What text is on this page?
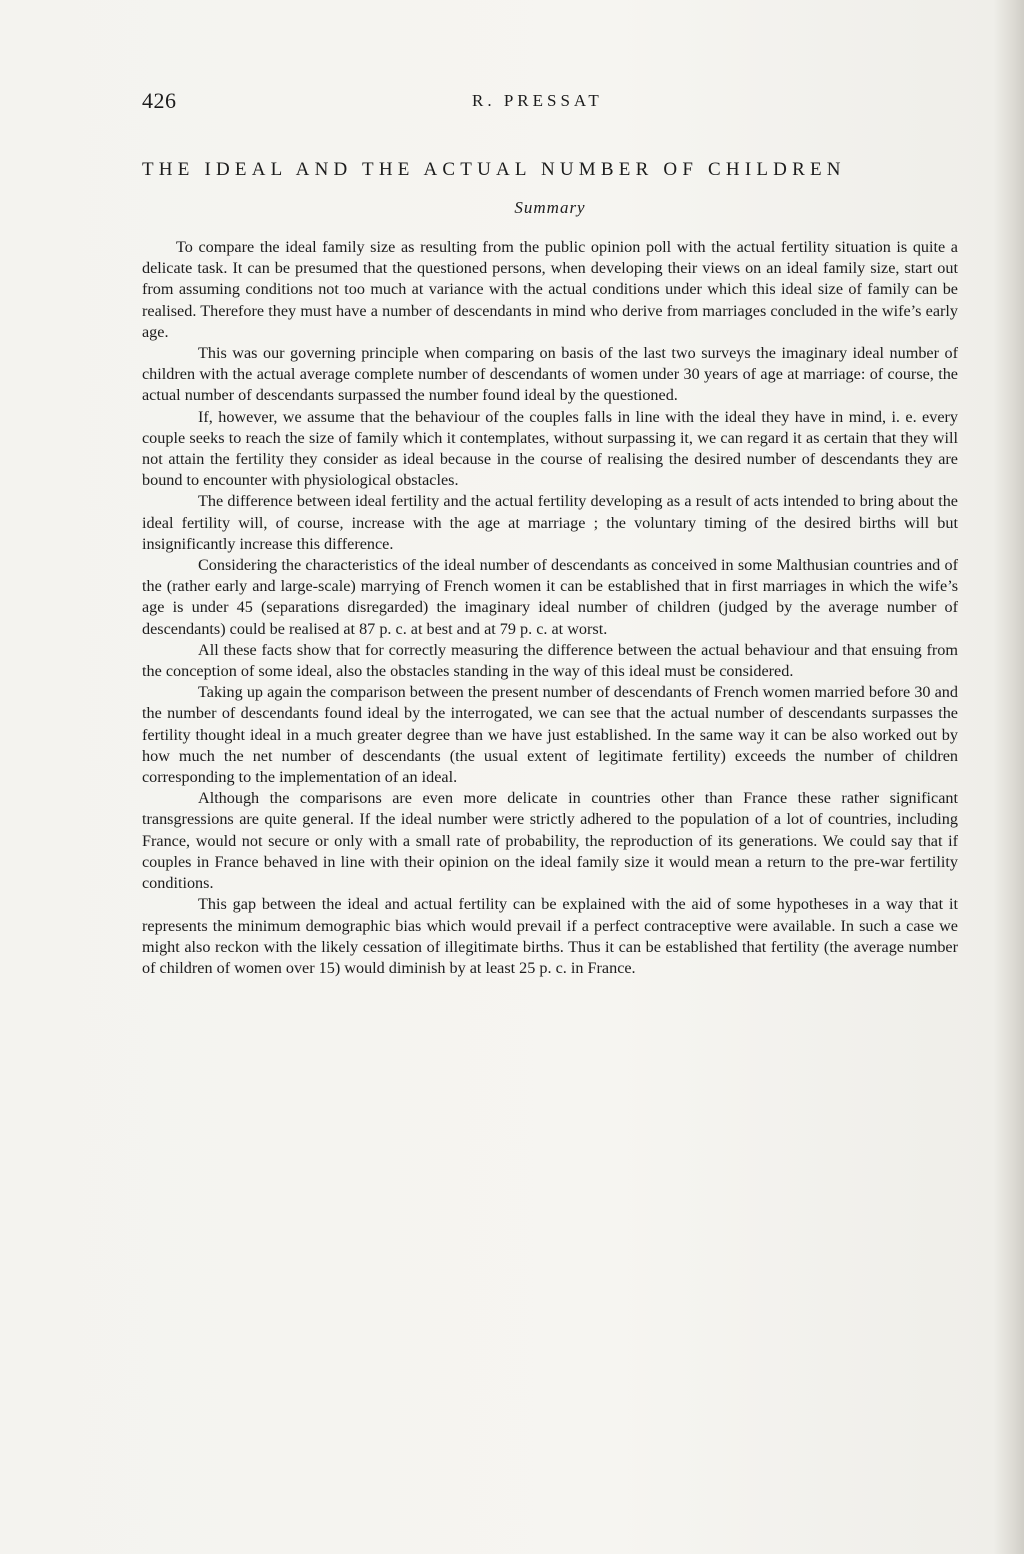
426	R. PRESSAT
THE IDEAL AND THE ACTUAL NUMBER OF CHILDREN
Summary

To compare the ideal family size as resulting from the public opinion poll with the actual fertility situation is quite a delicate task. It can be presumed that the questioned persons, when developing their views on an ideal family size, start out from assuming conditions not too much at variance with the actual conditions under which this ideal size of family can be realised. Therefore they must have a number of descendants in mind who derive from marriages concluded in the wife’s early age.

This was our governing principle when comparing on basis of the last two surveys the imaginary ideal number of children with the actual average complete number of descendants of women under 30 years of age at marriage: of course, the actual number of descendants surpassed the number found ideal by the questioned.

If, however, we assume that the behaviour of the couples falls in line with the ideal they have in mind, i. e. every couple seeks to reach the size of family which it contemplates, without surpassing it, we can regard it as certain that they will not attain the fertility they consider as ideal because in the course of realising the desired number of descendants they are bound to encounter with physiological obstacles.

The difference between ideal fertility and the actual fertility developing as a result of acts intended to bring about the ideal fertility will, of course, increase with the age at marriage ; the voluntary timing of the desired births will but insignificantly increase this difference.

Considering the characteristics of the ideal number of descendants as conceived in some Malthusian countries and of the (rather early and large-scale) marrying of French women it can be established that in first marriages in which the wife’s age is under 45 (separations disregarded) the imaginary ideal number of children (judged by the average number of descendants) could be realised at 87 p. c. at best and at 79 p. c. at worst.

All these facts show that for correctly measuring the difference between the actual behaviour and that ensuing from the conception of some ideal, also the obstacles standing in the way of this ideal must be considered.

Taking up again the comparison between the present number of descendants of French women married before 30 and the number of descendants found ideal by the interrogated, we can see that the actual number of descendants surpasses the fertility thought ideal in a much greater degree than we have just established. In the same way it can be also worked out by how much the net number of descendants (the usual extent of legitimate fertility) exceeds the number of children corresponding to the implementation of an ideal.

Although the comparisons are even more delicate in countries other than France these rather significant transgressions are quite general. If the ideal number were strictly adhered to the population of a lot of countries, including France, would not secure or only with a small rate of probability, the reproduction of its generations. We could say that if couples in France behaved in line with their opinion on the ideal family size it would mean a return to the pre-war fertility conditions.

This gap between the ideal and actual fertility can be explained with the aid of some hypotheses in a way that it represents the minimum demographic bias which would prevail if a perfect contraceptive were available. In such a case we might also reckon with the likely cessation of illegitimate births. Thus it can be established that fertility (the average number of children of women over 15) would diminish by at least 25 p. c. in France.
